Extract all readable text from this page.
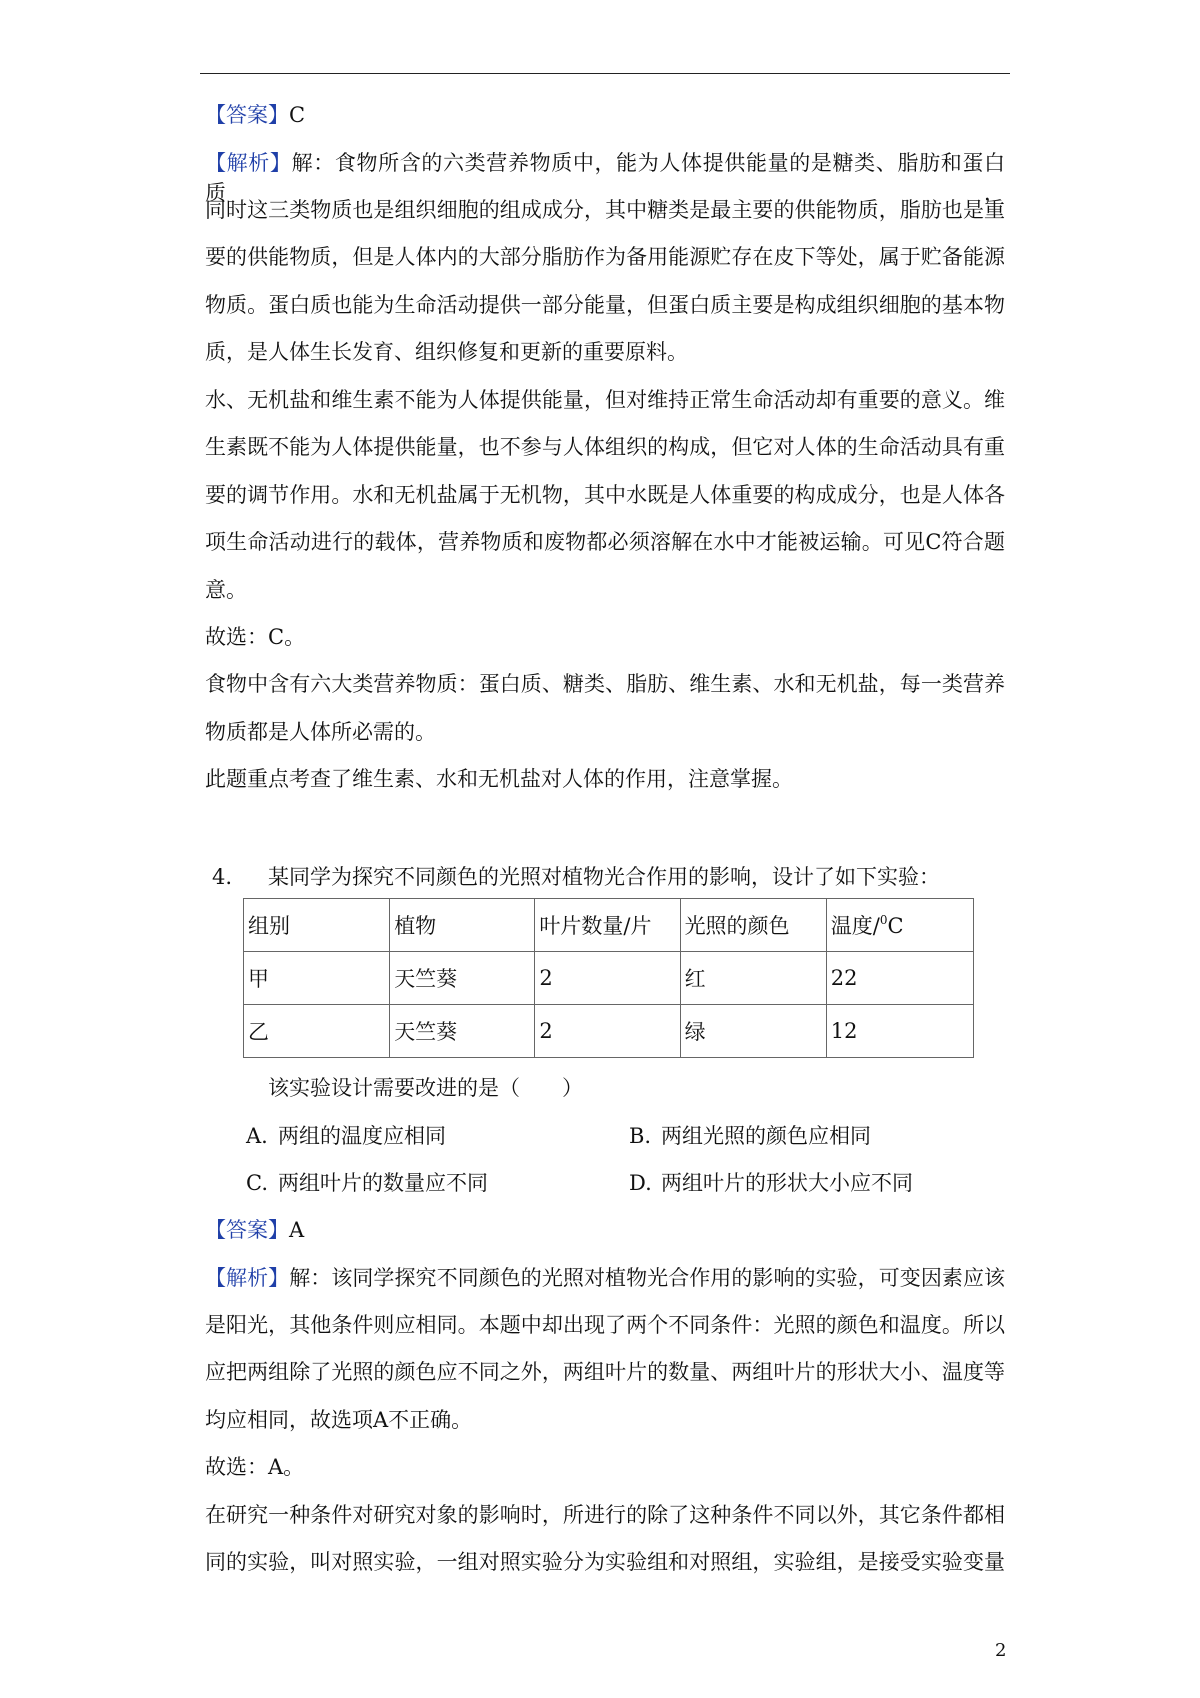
【答案】C
【解析】解：食物所含的六类营养物质中，能为人体提供能量的是糖类、脂肪和蛋白质，
同时这三类物质也是组织细胞的组成成分，其中糖类是最主要的供能物质，脂肪也是重
要的供能物质，但是人体内的大部分脂肪作为备用能源贮存在皮下等处，属于贮备能源
物质。蛋白质也能为生命活动提供一部分能量，但蛋白质主要是构成组织细胞的基本物
质，是人体生长发育、组织修复和更新的重要原料。
水、无机盐和维生素不能为人体提供能量，但对维持正常生命活动却有重要的意义。维
生素既不能为人体提供能量，也不参与人体组织的构成，但它对人体的生命活动具有重
要的调节作用。水和无机盐属于无机物，其中水既是人体重要的构成成分，也是人体各
项生命活动进行的载体，营养物质和废物都必须溶解在水中才能被运输。可见C符合题
意。
故选：C。
食物中含有六大类营养物质：蛋白质、糖类、脂肪、维生素、水和无机盐，每一类营养
物质都是人体所必需的。
此题重点考查了维生素、水和无机盐对人体的作用，注意掌握。
4. 某同学为探究不同颜色的光照对植物光合作用的影响，设计了如下实验：
组别	植物	叶片数量/片	光照的颜色	温度/$^0$C
甲	天竺葵	2	红	22
乙	天竺葵	2	绿	12
该实验设计需要改进的是（　　）
A. 两组的温度应相同	B. 两组光照的颜色应相同
C. 两组叶片的数量应不同	D. 两组叶片的形状大小应不同
【答案】A
【解析】解：该同学探究不同颜色的光照对植物光合作用的影响的实验，可变因素应该
是阳光，其他条件则应相同。本题中却出现了两个不同条件：光照的颜色和温度。所以
应把两组除了光照的颜色应不同之外，两组叶片的数量、两组叶片的形状大小、温度等
均应相同，故选项A不正确。
故选：A。
在研究一种条件对研究对象的影响时，所进行的除了这种条件不同以外，其它条件都相
同的实验，叫对照实验，一组对照实验分为实验组和对照组，实验组，是接受实验变量
2
